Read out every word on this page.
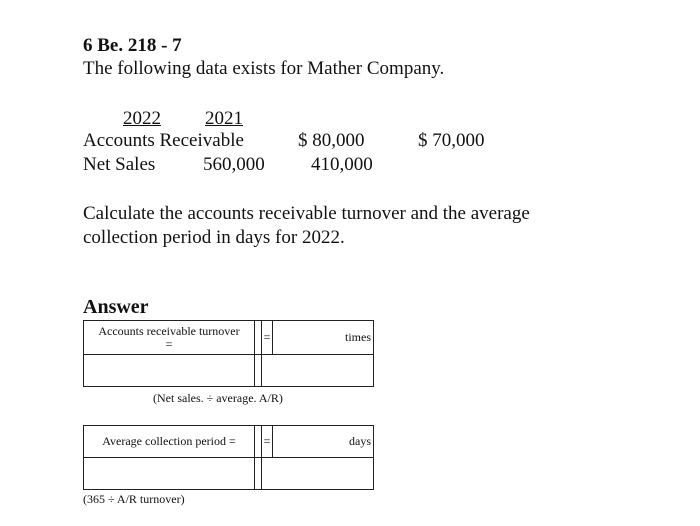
6 Be. 218 - 7
The following data exists for Mather Company.
2022 2021
Accounts Receivable	$ 80,000	$ 70,000
Net Sales	560,000 410,000
Calculate the accounts receivable turnover and the average collection period in days for 2022.
Answer
Accounts receivable turnover
=		=	times

(Net sales. ÷ average. A/R)
Average collection period =		=	days

(365 ÷ A/R turnover)
